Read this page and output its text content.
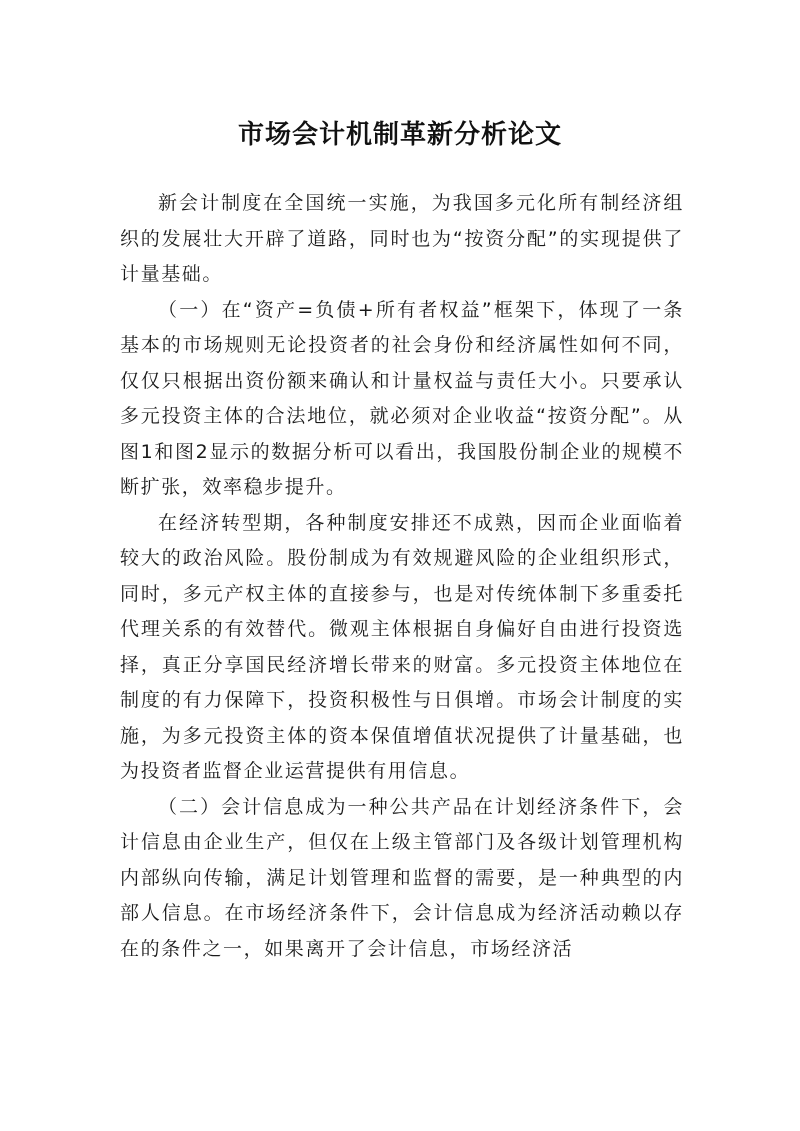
市场会计机制革新分析论文

新会计制度在全国统一实施，为我国多元化所有制经济组织的发展壮大开辟了道路，同时也为“按资分配”的实现提供了计量基础。

（一）在“资产=负债+所有者权益”框架下，体现了一条基本的市场规则无论投资者的社会身份和经济属性如何不同，仅仅只根据出资份额来确认和计量权益与责任大小。只要承认多元投资主体的合法地位，就必须对企业收益“按资分配”。从图1和图2显示的数据分析可以看出，我国股份制企业的规模不断扩张，效率稳步提升。

在经济转型期，各种制度安排还不成熟，因而企业面临着较大的政治风险。股份制成为有效规避风险的企业组织形式，同时，多元产权主体的直接参与，也是对传统体制下多重委托代理关系的有效替代。微观主体根据自身偏好自由进行投资选择，真正分享国民经济增长带来的财富。多元投资主体地位在制度的有力保障下，投资积极性与日俱增。市场会计制度的实施，为多元投资主体的资本保值增值状况提供了计量基础，也为投资者监督企业运营提供有用信息。

（二）会计信息成为一种公共产品在计划经济条件下，会计信息由企业生产，但仅在上级主管部门及各级计划管理机构内部纵向传输，满足计划管理和监督的需要，是一种典型的内部人信息。在市场经济条件下，会计信息成为经济活动赖以存在的条件之一，如果离开了会计信息，市场经济活
